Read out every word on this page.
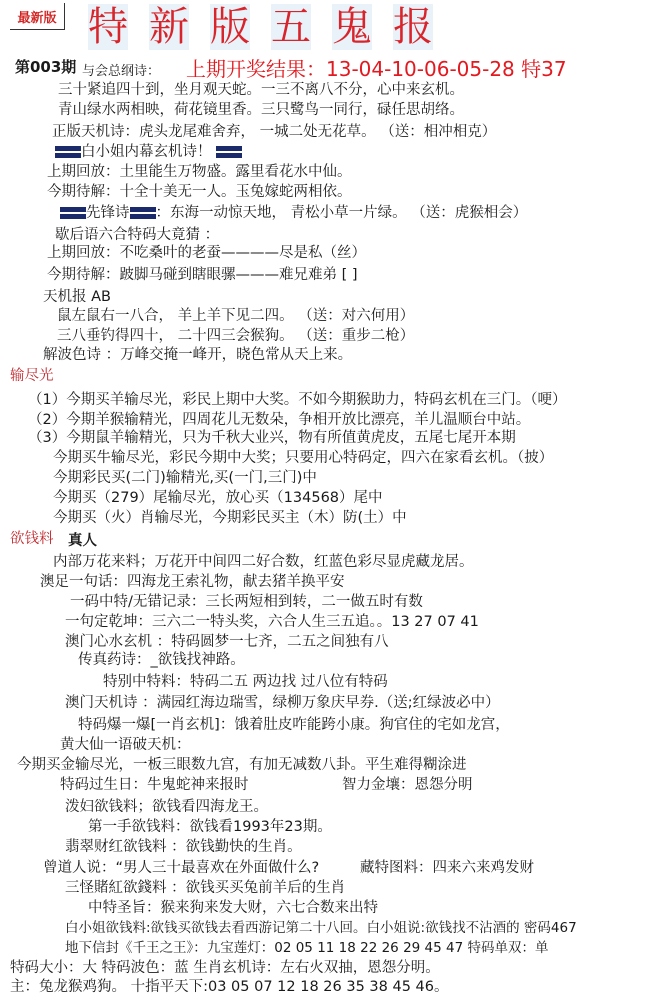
最新版 特 新 版 五 鬼 报
第003期	上期开奖结果：13-04-10-06-05-28 特37
与会总纲诗：
三十紧追四十到，坐月观天蛇。一三不离八不分，心中来玄机。
青山绿水两相映，荷花镜里香。三只鹭鸟一同行，碌任思胡络。
正版天机诗：虎头龙尾难舍弃， 一城二处无花草。 （送：相冲相克）
白小姐内幕玄机诗！
上期回放：土里能生万物盛。露里看花水中仙。
今期待解：十全十美无一人。玉兔嫁蛇两相依。
先锋诗 ：东海一动惊天地， 青松小草一片绿。 （送：虎猴相会）
歇后语六合特码大竟猜 ：
上期回放：不吃桑叶的老蚕————尽是私（丝）
今期待解：跛脚马碰到瞎眼骡———难兄难弟 [ ]
天机报 AB
鼠左鼠右一八合， 羊上羊下见二四。 （送：对六何用）
三八垂钓得四十， 二十四三会猴狗。 （送：重步二枪）
解波色诗 ：万峰交掩一峰开，晓色常从天上来。
输尽光
（1）今期买羊输尽光，彩民上期中大奖。不如今期猴助力，特码玄机在三门。（哽）
（2）今期羊猴输精光，四周花儿无数朵，争相开放比漂亮，羊儿温顺台中站。
（3）今期鼠羊输精光，只为千秋大业兴，物有所值黄虎皮，五尾七尾开本期
今期买牛输尽光，彩民今期中大奖；只要用心特码定，四六在家看玄机。（披）
今期彩民买(二门)输精光,买(一门,三门)中
今期买（279）尾输尽光，放心买（134568）尾中
今期买（火）肖输尽光，今期彩民买主（木）防(土）中
欲钱料 真人
内部万花来料；万花开中间四二好合数，红蓝色彩尽显虎藏龙居。
澳足一句话：四海龙王索礼物，献去猪羊换平安
一码中特/无错记录：三长两短相到转，二一做五时有数
一句定乾坤：三六二一特头奖，六合人生三五追。。13 27 07 41
澳门心水玄机 ：特码圆梦一七齐，二五之间独有八
传真药诗：_欲钱找神路。
特别中特料：特码二五 两边找 过八位有特码
澳门天机诗 ：满园红海边瑞雪，绿柳万象庆早券.（送;红绿波必中）
特码爆一爆[一肖玄机]：饿着肚皮咋能跨小康。狗官住的宅如龙宫，
黄大仙一语破天机：
今期买金输尽光，一板三眼数九宫，有加无减数八卦。平生难得糊涂进
特码过生日：牛鬼蛇神来报时	智力金壤：恩怨分明
泼妇欲钱料；欲钱看四海龙王。
第一手欲钱料：欲钱看1993年23期。
翡翠财红欲钱料 ：欲钱勤快的生肖。
曾道人说：“男人三十最喜欢在外面做什么?	藏特图料：四来六来鸡发财
三怪賭紅欲錢料 ：欲钱买买兔前羊后的生肖
中特圣旨：猴来狗来发大财，六七合数来出特
白小姐欲钱料:欲钱买欲钱去看西游记第二十八回。白小姐说:欲钱找不沾酒的 密码467
地下信封《千王之王》：九宝莲灯：02 05 11 18 22 26 29 45 47 特码单双：单
特码大小：大 特码波色：蓝 生肖玄机诗：左右火双抽，恩怨分明。
主：兔龙猴鸡狗。 十指平天下:03 05 07 12 18 26 35 38 45 46。
